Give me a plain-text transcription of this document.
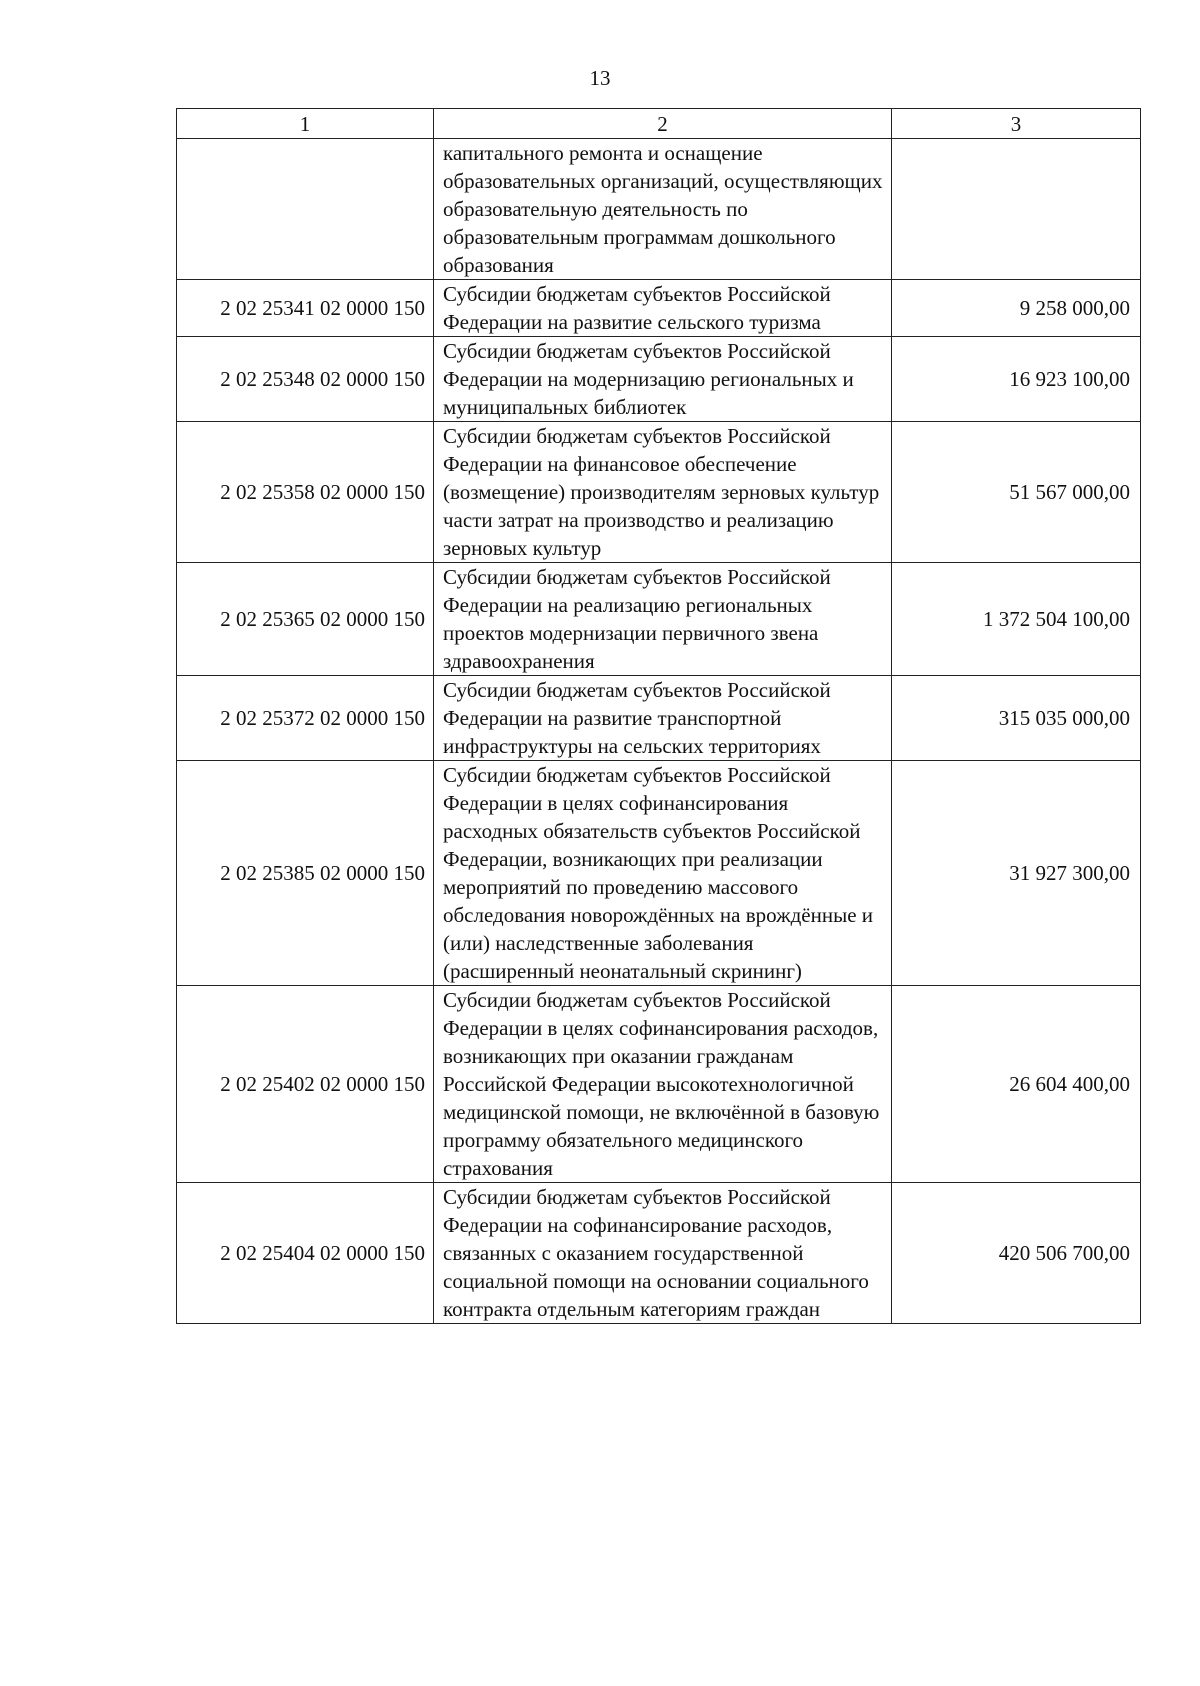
13
1	2	3

	капитального ремонта и оснащение образовательных организаций, осуществляющих образовательную деятельность по образовательным программам дошкольного образования	

2 02 25341 02 0000 150	Субсидии бюджетам субъектов Российской Федерации на развитие сельского туризма	9 258 000,00
2 02 25348 02 0000 150	Субсидии бюджетам субъектов Российской Федерации на модернизацию региональных и муниципальных библиотек	16 923 100,00
2 02 25358 02 0000 150	Субсидии бюджетам субъектов Российской Федерации на финансовое обеспечение (возмещение) производителям зерновых культур части затрат на производство и реализацию зерновых культур	51 567 000,00
2 02 25365 02 0000 150	Субсидии бюджетам субъектов Российской Федерации на реализацию региональных проектов модернизации первичного звена здравоохранения	1 372 504 100,00
2 02 25372 02 0000 150	Субсидии бюджетам субъектов Российской Федерации на развитие транспортной инфраструктуры на сельских территориях	315 035 000,00
2 02 25385 02 0000 150	Субсидии бюджетам субъектов Российской Федерации в целях софинансирования расходных обязательств субъектов Российской Федерации, возникающих при реализации мероприятий по проведению массового обследования новорождённых на врождённые и (или) наследственные заболевания (расширенный неонатальный скрининг)	31 927 300,00
2 02 25402 02 0000 150	Субсидии бюджетам субъектов Российской Федерации в целях софинансирования расходов, возникающих при оказании гражданам Российской Федерации высокотехнологичной медицинской помощи, не включённой в базовую программу обязательного медицинского страхования	26 604 400,00
2 02 25404 02 0000 150	Субсидии бюджетам субъектов Российской Федерации на софинансирование расходов, связанных с оказанием государственной социальной помощи на основании социального контракта отдельным категориям граждан	420 506 700,00
